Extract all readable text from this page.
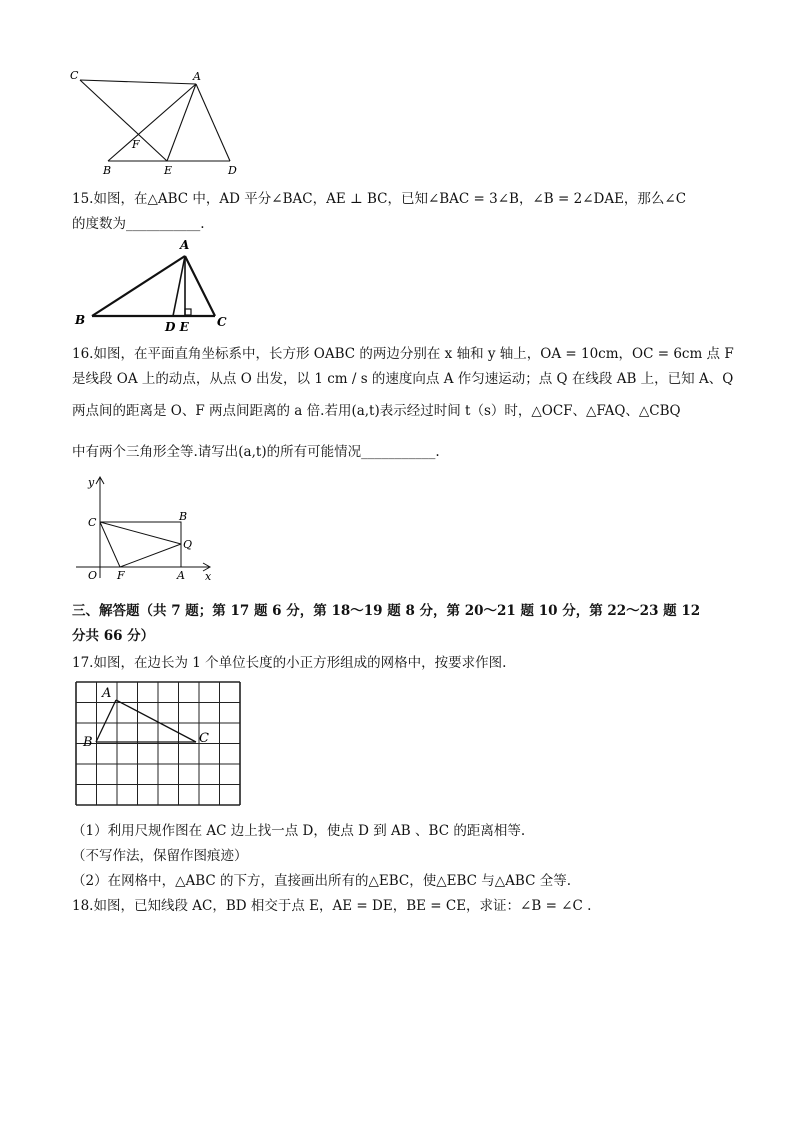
C	A
F
B	E	D
15.如图，在△ABC 中，AD 平分∠BAC，AE ⊥ BC，已知∠BAC = 3∠B，∠B = 2∠DAE，那么∠C
的度数为___________.
A
B	D E C
16.如图，在平面直角坐标系中，长方形 OABC 的两边分别在 x 轴和 y 轴上，OA = 10cm，OC = 6cm 点 F
是线段 OA 上的动点，从点 O 出发，以 1 cm / s 的速度向点 A 作匀速运动；点 Q 在线段 AB 上，已知 A、Q
两点间的距离是 O、F 两点间距离的 a 倍.若用(a,t)表示经过时间 t（s）时，△OCF、△FAQ、△CBQ
中有两个三角形全等.请写出(a,t)的所有可能情况___________.
y
x
C	B
Q
O F	A
三、解答题（共 7 题；第 17 题 6 分，第 18～19 题 8 分，第 20～21 题 10 分，第 22～23 题 12
分共 66 分）
17.如图，在边长为 1 个单位长度的小正方形组成的网格中，按要求作图.
A
B	C
（1）利用尺规作图在 AC 边上找一点 D，使点 D 到 AB 、BC 的距离相等.
（不写作法，保留作图痕迹）
（2）在网格中，△ABC 的下方，直接画出所有的△EBC，使△EBC 与△ABC 全等.
18.如图，已知线段 AC，BD 相交于点 E，AE = DE，BE = CE，求证：∠B = ∠C .
